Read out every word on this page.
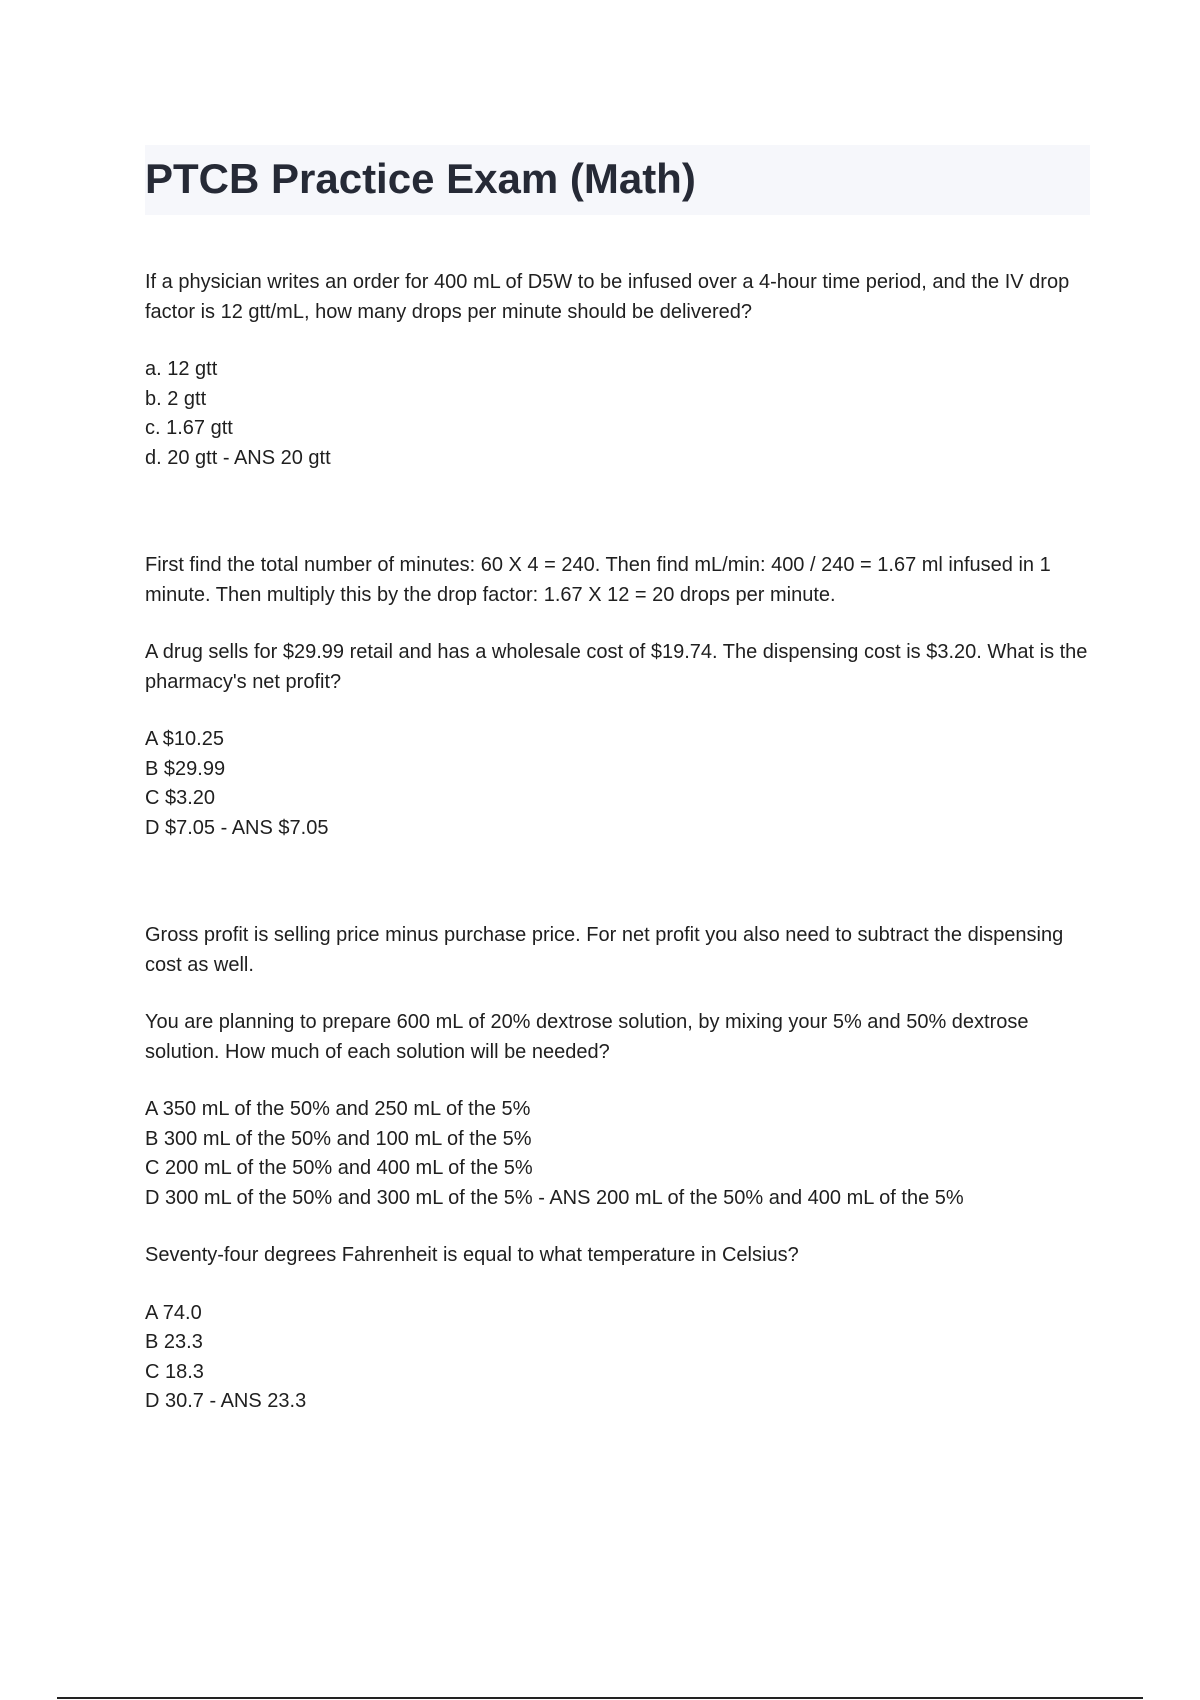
PTCB Practice Exam (Math)

If a physician writes an order for 400 mL of D5W to be infused over a 4-hour time period, and the IV drop factor is 12 gtt/mL, how many drops per minute should be delivered?

a. 12 gtt
b. 2 gtt
c. 1.67 gtt
d. 20 gtt - ANS 20 gtt

First find the total number of minutes: 60 X 4 = 240. Then find mL/min: 400 / 240 = 1.67 ml infused in 1 minute. Then multiply this by the drop factor: 1.67 X 12 = 20 drops per minute.

A drug sells for $29.99 retail and has a wholesale cost of $19.74. The dispensing cost is $3.20. What is the pharmacy's net profit?

A $10.25
B $29.99
C $3.20
D $7.05 - ANS $7.05

Gross profit is selling price minus purchase price. For net profit you also need to subtract the dispensing cost as well.

You are planning to prepare 600 mL of 20% dextrose solution, by mixing your 5% and 50% dextrose solution. How much of each solution will be needed?

A 350 mL of the 50% and 250 mL of the 5%
B 300 mL of the 50% and 100 mL of the 5%
C 200 mL of the 50% and 400 mL of the 5%
D 300 mL of the 50% and 300 mL of the 5% - ANS 200 mL of the 50% and 400 mL of the 5%

Seventy-four degrees Fahrenheit is equal to what temperature in Celsius?

A 74.0
B 23.3
C 18.3
D 30.7 - ANS 23.3
